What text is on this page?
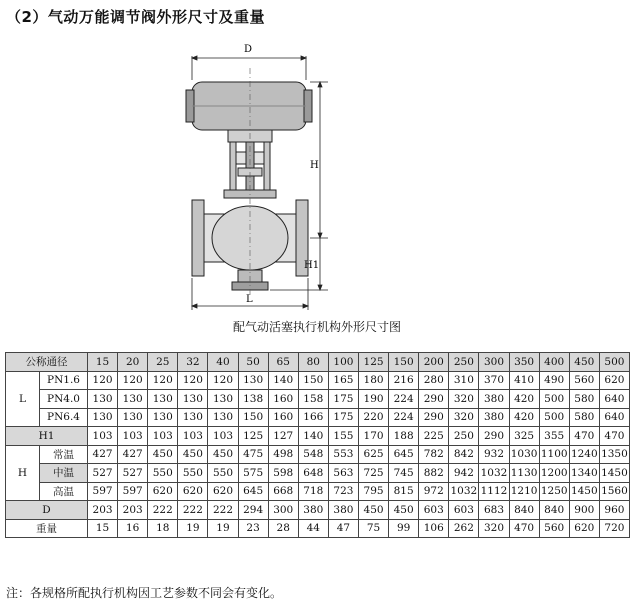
（2）气动万能调节阀外形尺寸及重量
D
H
H1
L
配气动活塞执行机构外形尺寸图
公称通径		15	20	25	32	40	50	65	80	100	125	150	200	250	300	350	400	450	500
L	PN1.6	120	120	120	120	120	130	140	150	165	180	216	280	310	370	410	490	560	620
	PN4.0	130	130	130	130	130	138	160	158	175	190	224	290	320	380	420	500	580	640
	PN6.4	130	130	130	130	130	150	160	166	175	220	224	290	320	380	420	500	580	640
H1		103	103	103	103	103	125	127	140	155	170	188	225	250	290	325	355	470	470
H	常温	427	427	450	450	450	475	498	548	553	625	645	782	842	932	1030	1100	1240	1350
	中温	527	527	550	550	550	575	598	648	563	725	745	882	942	1032	1130	1200	1340	1450
	高温	597	597	620	620	620	645	668	718	723	795	815	972	1032	1112	1210	1250	1450	1560
D		203	203	222	222	222	294	300	380	380	450	450	603	603	683	840	840	900	960
重量		15	16	18	19	19	23	28	44	47	75	99	106	262	320	470	560	620	720
注：各规格所配执行机构因工艺参数不同会有变化。
